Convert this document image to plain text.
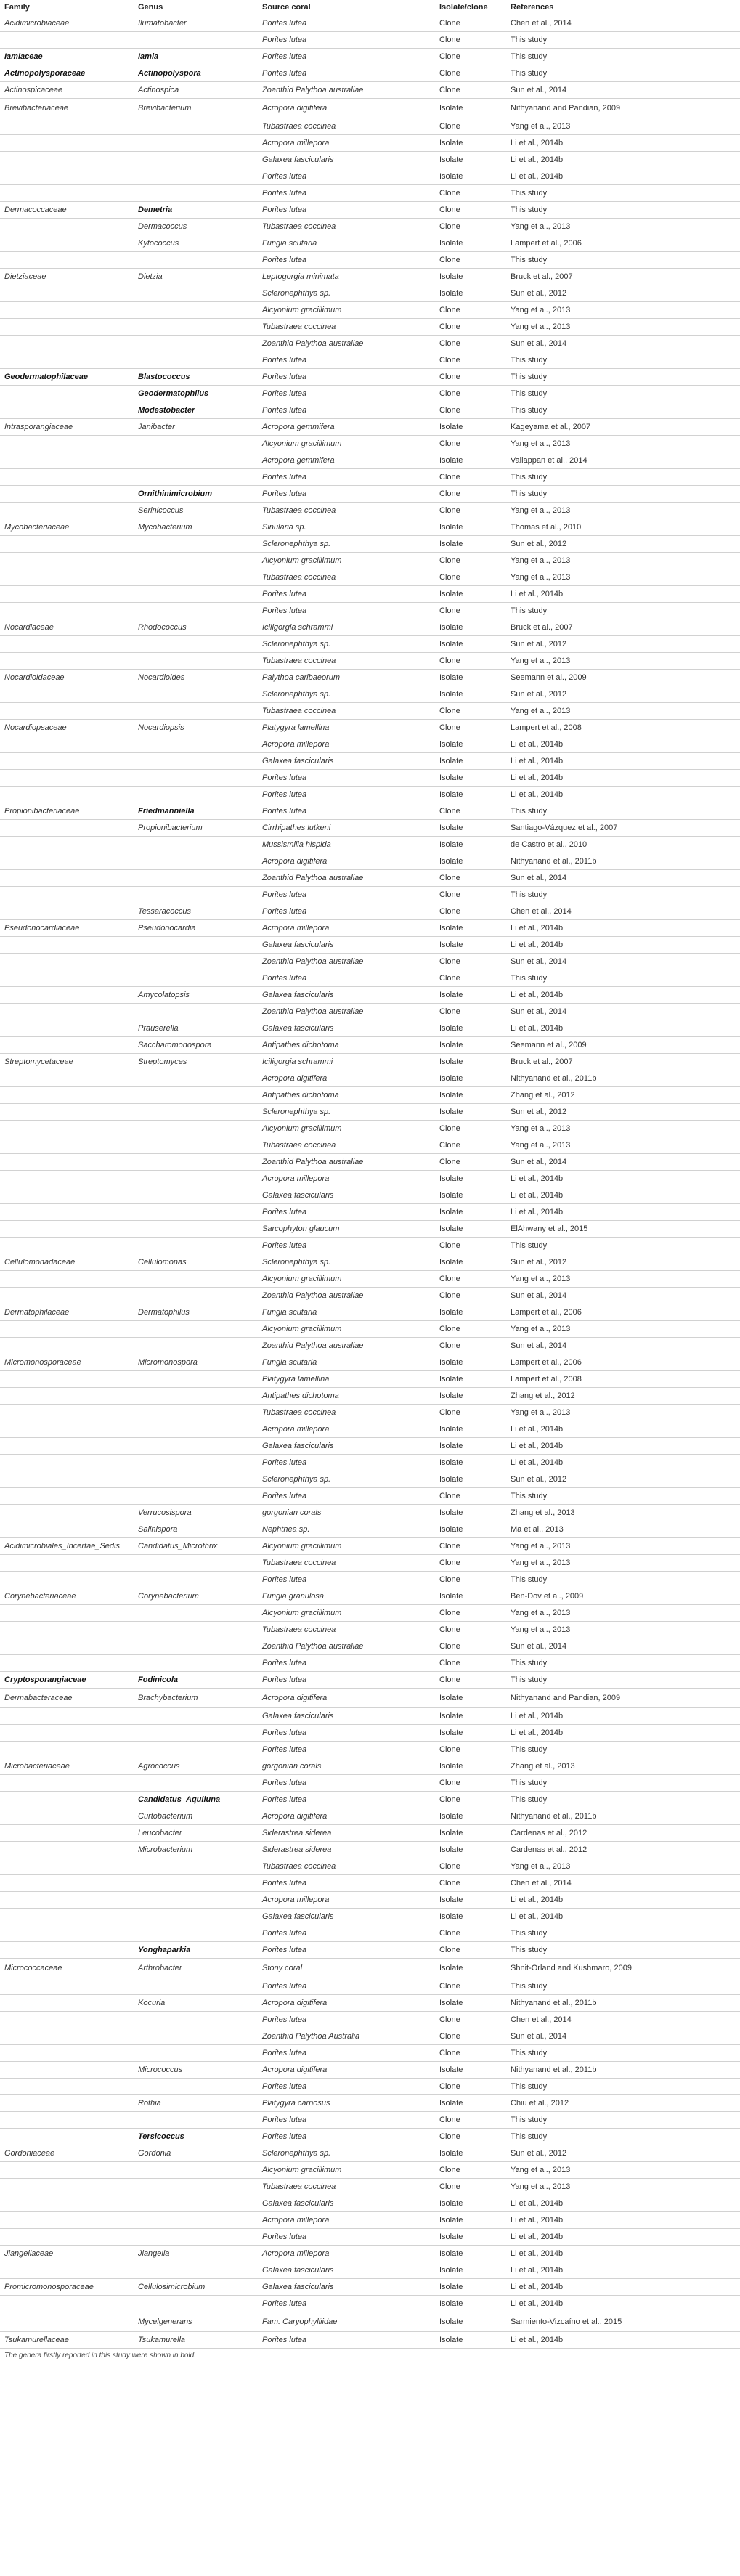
Family	Genus	Source coral	Isolate/clone	References
Acidimicrobiaceae	Ilumatobacter	Porites lutea	Clone	Chen et al., 2014
		Porites lutea	Clone	This study
Iamiaceae	Iamia	Porites lutea	Clone	This study
Actinopolysporaceae	Actinopolyspora	Porites lutea	Clone	This study
Actinospicaceae	Actinospica	Zoanthid Palythoa australiae	Clone	Sun et al., 2014
Brevibacteriaceae	Brevibacterium	Acropora digitifera	Isolate	Nithyanand and Pandian, 2009
		Tubastraea coccinea	Clone	Yang et al., 2013
		Acropora millepora	Isolate	Li et al., 2014b
		Galaxea fascicularis	Isolate	Li et al., 2014b
		Porites lutea	Isolate	Li et al., 2014b
		Porites lutea	Clone	This study
Dermacoccaceae	Demetria	Porites lutea	Clone	This study
	Dermacoccus	Tubastraea coccinea	Clone	Yang et al., 2013
	Kytococcus	Fungia scutaria	Isolate	Lampert et al., 2006
		Porites lutea	Clone	This study
Dietziaceae	Dietzia	Leptogorgia minimata	Isolate	Bruck et al., 2007
		Scleronephthya sp.	Isolate	Sun et al., 2012
		Alcyonium gracillimum	Clone	Yang et al., 2013
		Tubastraea coccinea	Clone	Yang et al., 2013
		Zoanthid Palythoa australiae	Clone	Sun et al., 2014
		Porites lutea	Clone	This study
Geodermatophilaceae	Blastococcus	Porites lutea	Clone	This study
	Geodermatophilus	Porites lutea	Clone	This study
	Modestobacter	Porites lutea	Clone	This study
Intrasporangiaceae	Janibacter	Acropora gemmifera	Isolate	Kageyama et al., 2007
		Alcyonium gracillimum	Clone	Yang et al., 2013
		Acropora gemmifera	Isolate	Vallappan et al., 2014
		Porites lutea	Clone	This study
	Ornithinimicrobium	Porites lutea	Clone	This study
	Serinicoccus	Tubastraea coccinea	Clone	Yang et al., 2013
Mycobacteriaceae	Mycobacterium	Sinularia sp.	Isolate	Thomas et al., 2010
		Scleronephthya sp.	Isolate	Sun et al., 2012
		Alcyonium gracillimum	Clone	Yang et al., 2013
		Tubastraea coccinea	Clone	Yang et al., 2013
		Porites lutea	Isolate	Li et al., 2014b
		Porites lutea	Clone	This study
Nocardiaceae	Rhodococcus	Iciligorgia schrammi	Isolate	Bruck et al., 2007
		Scleronephthya sp.	Isolate	Sun et al., 2012
		Tubastraea coccinea	Clone	Yang et al., 2013
Nocardioidaceae	Nocardioides	Palythoa caribaeorum	Isolate	Seemann et al., 2009
		Scleronephthya sp.	Isolate	Sun et al., 2012
		Tubastraea coccinea	Clone	Yang et al., 2013
Nocardiopsaceae	Nocardiopsis	Platygyra lamellina	Clone	Lampert et al., 2008
		Acropora millepora	Isolate	Li et al., 2014b
		Galaxea fascicularis	Isolate	Li et al., 2014b
		Porites lutea	Isolate	Li et al., 2014b
		Porites lutea	Isolate	Li et al., 2014b
Propionibacteriaceae	Friedmanniella	Porites lutea	Clone	This study
	Propionibacterium	Cirrhipathes lutkeni	Isolate	Santiago-Vázquez et al., 2007
		Mussismilia hispida	Isolate	de Castro et al., 2010
		Acropora digitifera	Isolate	Nithyanand et al., 2011b
		Zoanthid Palythoa australiae	Clone	Sun et al., 2014
		Porites lutea	Clone	This study
	Tessaracoccus	Porites lutea	Clone	Chen et al., 2014
Pseudonocardiaceae	Pseudonocardia	Acropora millepora	Isolate	Li et al., 2014b
		Galaxea fascicularis	Isolate	Li et al., 2014b
		Zoanthid Palythoa australiae	Clone	Sun et al., 2014
		Porites lutea	Clone	This study
	Amycolatopsis	Galaxea fascicularis	Isolate	Li et al., 2014b
		Zoanthid Palythoa australiae	Clone	Sun et al., 2014
	Prauserella	Galaxea fascicularis	Isolate	Li et al., 2014b
	Saccharomonospora	Antipathes dichotoma	Isolate	Seemann et al., 2009
Streptomycetaceae	Streptomyces	Iciligorgia schrammi	Isolate	Bruck et al., 2007
		Acropora digitifera	Isolate	Nithyanand et al., 2011b
		Antipathes dichotoma	Isolate	Zhang et al., 2012
		Scleronephthya sp.	Isolate	Sun et al., 2012
		Alcyonium gracillimum	Clone	Yang et al., 2013
		Tubastraea coccinea	Clone	Yang et al., 2013
		Zoanthid Palythoa australiae	Clone	Sun et al., 2014
		Acropora millepora	Isolate	Li et al., 2014b
		Galaxea fascicularis	Isolate	Li et al., 2014b
		Porites lutea	Isolate	Li et al., 2014b
		Sarcophyton glaucum	Isolate	ElAhwany et al., 2015
		Porites lutea	Clone	This study
Cellulomonadaceae	Cellulomonas	Scleronephthya sp.	Isolate	Sun et al., 2012
		Alcyonium gracillimum	Clone	Yang et al., 2013
		Zoanthid Palythoa australiae	Clone	Sun et al., 2014
Dermatophilaceae	Dermatophilus	Fungia scutaria	Isolate	Lampert et al., 2006
		Alcyonium gracillimum	Clone	Yang et al., 2013
		Zoanthid Palythoa australiae	Clone	Sun et al., 2014
Micromonosporaceae	Micromonospora	Fungia scutaria	Isolate	Lampert et al., 2006
		Platygyra lamellina	Isolate	Lampert et al., 2008
		Antipathes dichotoma	Isolate	Zhang et al., 2012
		Tubastraea coccinea	Clone	Yang et al., 2013
		Acropora millepora	Isolate	Li et al., 2014b
		Galaxea fascicularis	Isolate	Li et al., 2014b
		Porites lutea	Isolate	Li et al., 2014b
		Scleronephthya sp.	Isolate	Sun et al., 2012
		Porites lutea	Clone	This study
	Verrucosispora	gorgonian corals	Isolate	Zhang et al., 2013
	Salinispora	Nephthea sp.	Isolate	Ma et al., 2013
Acidimicrobiales_Incertae_Sedis	Candidatus_Microthrix	Alcyonium gracillimum	Clone	Yang et al., 2013
		Tubastraea coccinea	Clone	Yang et al., 2013
		Porites lutea	Clone	This study
Corynebacteriaceae	Corynebacterium	Fungia granulosa	Isolate	Ben-Dov et al., 2009
		Alcyonium gracillimum	Clone	Yang et al., 2013
		Tubastraea coccinea	Clone	Yang et al., 2013
		Zoanthid Palythoa australiae	Clone	Sun et al., 2014
		Porites lutea	Clone	This study
Cryptosporangiaceae	Fodinicola	Porites lutea	Clone	This study
Dermabacteraceae	Brachybacterium	Acropora digitifera	Isolate	Nithyanand and Pandian, 2009
		Galaxea fascicularis	Isolate	Li et al., 2014b
		Porites lutea	Isolate	Li et al., 2014b
		Porites lutea	Clone	This study
Microbacteriaceae	Agrococcus	gorgonian corals	Isolate	Zhang et al., 2013
		Porites lutea	Clone	This study
	Candidatus_Aquiluna	Porites lutea	Clone	This study
	Curtobacterium	Acropora digitifera	Isolate	Nithyanand et al., 2011b
	Leucobacter	Siderastrea siderea	Isolate	Cardenas et al., 2012
	Microbacterium	Siderastrea siderea	Isolate	Cardenas et al., 2012
		Tubastraea coccinea	Clone	Yang et al., 2013
		Porites lutea	Clone	Chen et al., 2014
		Acropora millepora	Isolate	Li et al., 2014b
		Galaxea fascicularis	Isolate	Li et al., 2014b
		Porites lutea	Clone	This study
	Yonghaparkia	Porites lutea	Clone	This study
Micrococcaceae	Arthrobacter	Stony coral	Isolate	Shnit-Orland and Kushmaro, 2009
		Porites lutea	Clone	This study
	Kocuria	Acropora digitifera	Isolate	Nithyanand et al., 2011b
		Porites lutea	Clone	Chen et al., 2014
		Zoanthid Palythoa Australia	Clone	Sun et al., 2014
		Porites lutea	Clone	This study
	Micrococcus	Acropora digitifera	Isolate	Nithyanand et al., 2011b
		Porites lutea	Clone	This study
	Rothia	Platygyra carnosus	Isolate	Chiu et al., 2012
		Porites lutea	Clone	This study
	Tersicoccus	Porites lutea	Clone	This study
Gordoniaceae	Gordonia	Scleronephthya sp.	Isolate	Sun et al., 2012
		Alcyonium gracillimum	Clone	Yang et al., 2013
		Tubastraea coccinea	Clone	Yang et al., 2013
		Galaxea fascicularis	Isolate	Li et al., 2014b
		Acropora millepora	Isolate	Li et al., 2014b
		Porites lutea	Isolate	Li et al., 2014b
Jiangellaceae	Jiangella	Acropora millepora	Isolate	Li et al., 2014b
		Galaxea fascicularis	Isolate	Li et al., 2014b
Promicromonosporaceae	Cellulosimicrobium	Galaxea fascicularis	Isolate	Li et al., 2014b
		Porites lutea	Isolate	Li et al., 2014b
	Mycelgenerans	Fam. Caryophylliidae	Isolate	Sarmiento-Vizcaíno et al., 2015
Tsukamurellaceae	Tsukamurella	Porites lutea	Isolate	Li et al., 2014b
The genera firstly reported in this study were shown in bold.
